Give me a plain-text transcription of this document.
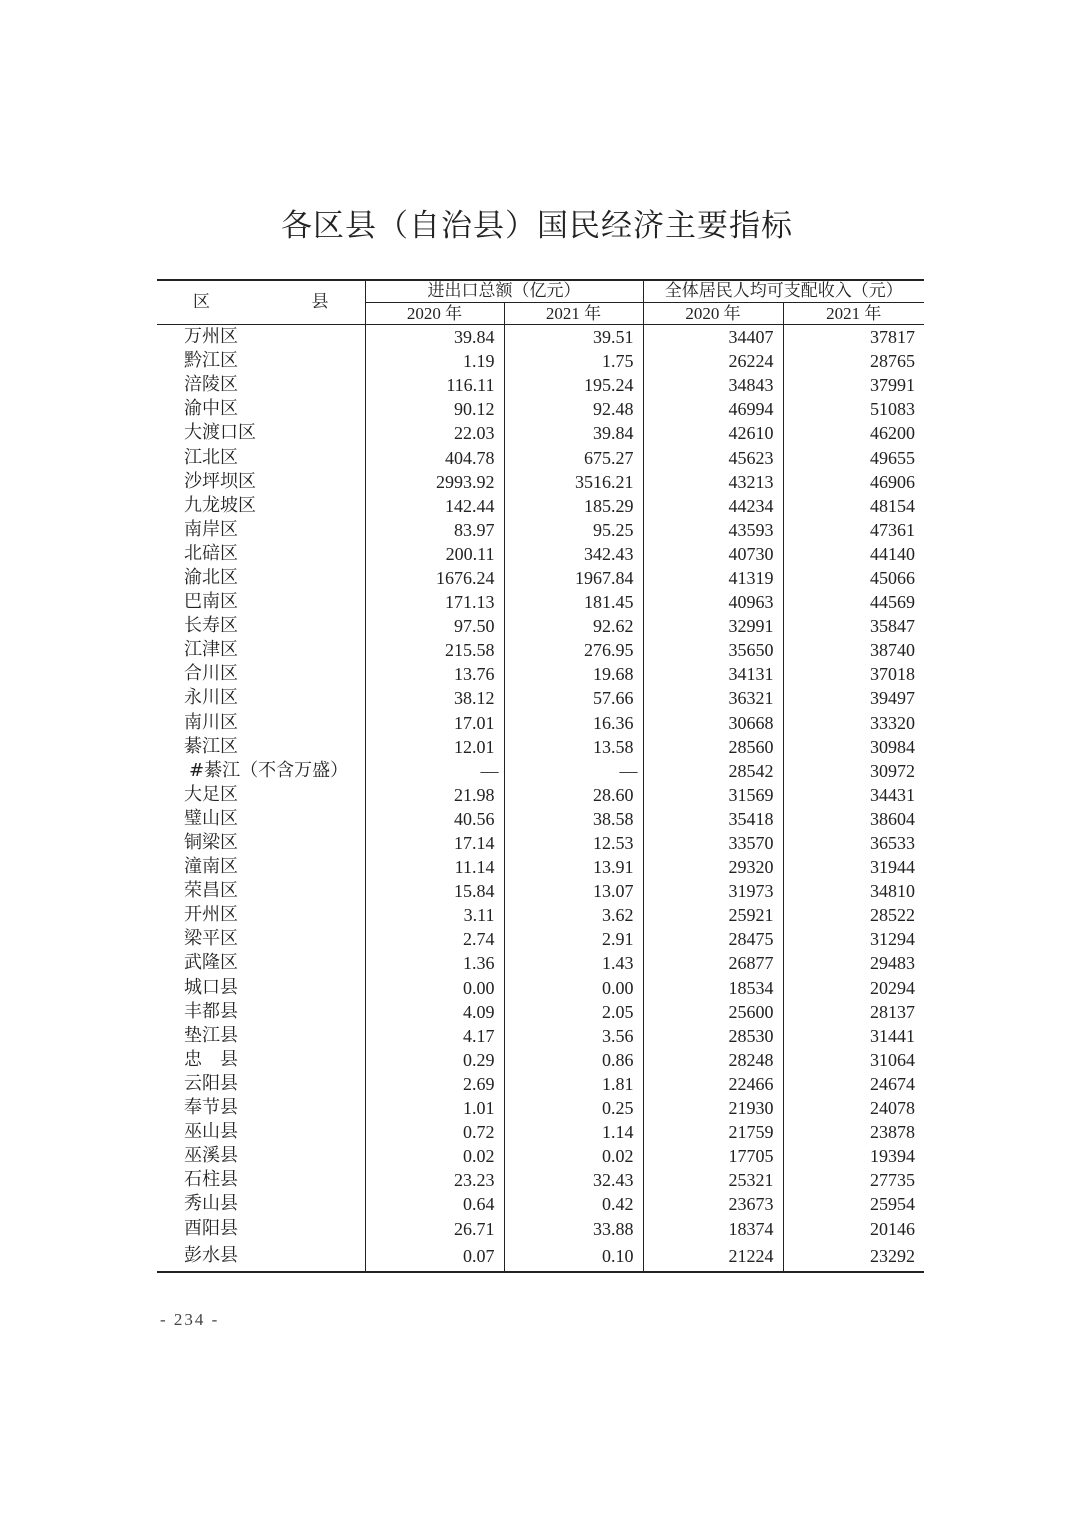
各区县（自治县）国民经济主要指标
区 县	进出口总额（亿元）		全体居民人均可支配收入（元）	
	2020 年	2021 年	2020 年	2021 年
万州区	39.84	39.51	34407	37817
黔江区	1.19	1.75	26224	28765
涪陵区	116.11	195.24	34843	37991
渝中区	90.12	92.48	46994	51083
大渡口区	22.03	39.84	42610	46200
江北区	404.78	675.27	45623	49655
沙坪坝区	2993.92	3516.21	43213	46906
九龙坡区	142.44	185.29	44234	48154
南岸区	83.97	95.25	43593	47361
北碚区	200.11	342.43	40730	44140
渝北区	1676.24	1967.84	41319	45066
巴南区	171.13	181.45	40963	44569
长寿区	97.50	92.62	32991	35847
江津区	215.58	276.95	35650	38740
合川区	13.76	19.68	34131	37018
永川区	38.12	57.66	36321	39497
南川区	17.01	16.36	30668	33320
綦江区	12.01	13.58	28560	30984
#綦江（不含万盛）	—	—	28542	30972
大足区	21.98	28.60	31569	34431
璧山区	40.56	38.58	35418	38604
铜梁区	17.14	12.53	33570	36533
潼南区	11.14	13.91	29320	31944
荣昌区	15.84	13.07	31973	34810
开州区	3.11	3.62	25921	28522
梁平区	2.74	2.91	28475	31294
武隆区	1.36	1.43	26877	29483
城口县	0.00	0.00	18534	20294
丰都县	4.09	2.05	25600	28137
垫江县	4.17	3.56	28530	31441
忠　县	0.29	0.86	28248	31064
云阳县	2.69	1.81	22466	24674
奉节县	1.01	0.25	21930	24078
巫山县	0.72	1.14	21759	23878
巫溪县	0.02	0.02	17705	19394
石柱县	23.23	32.43	25321	27735
秀山县	0.64	0.42	23673	25954
酉阳县	26.71	33.88	18374	20146
彭水县	0.07	0.10	21224	23292
- 234 -
